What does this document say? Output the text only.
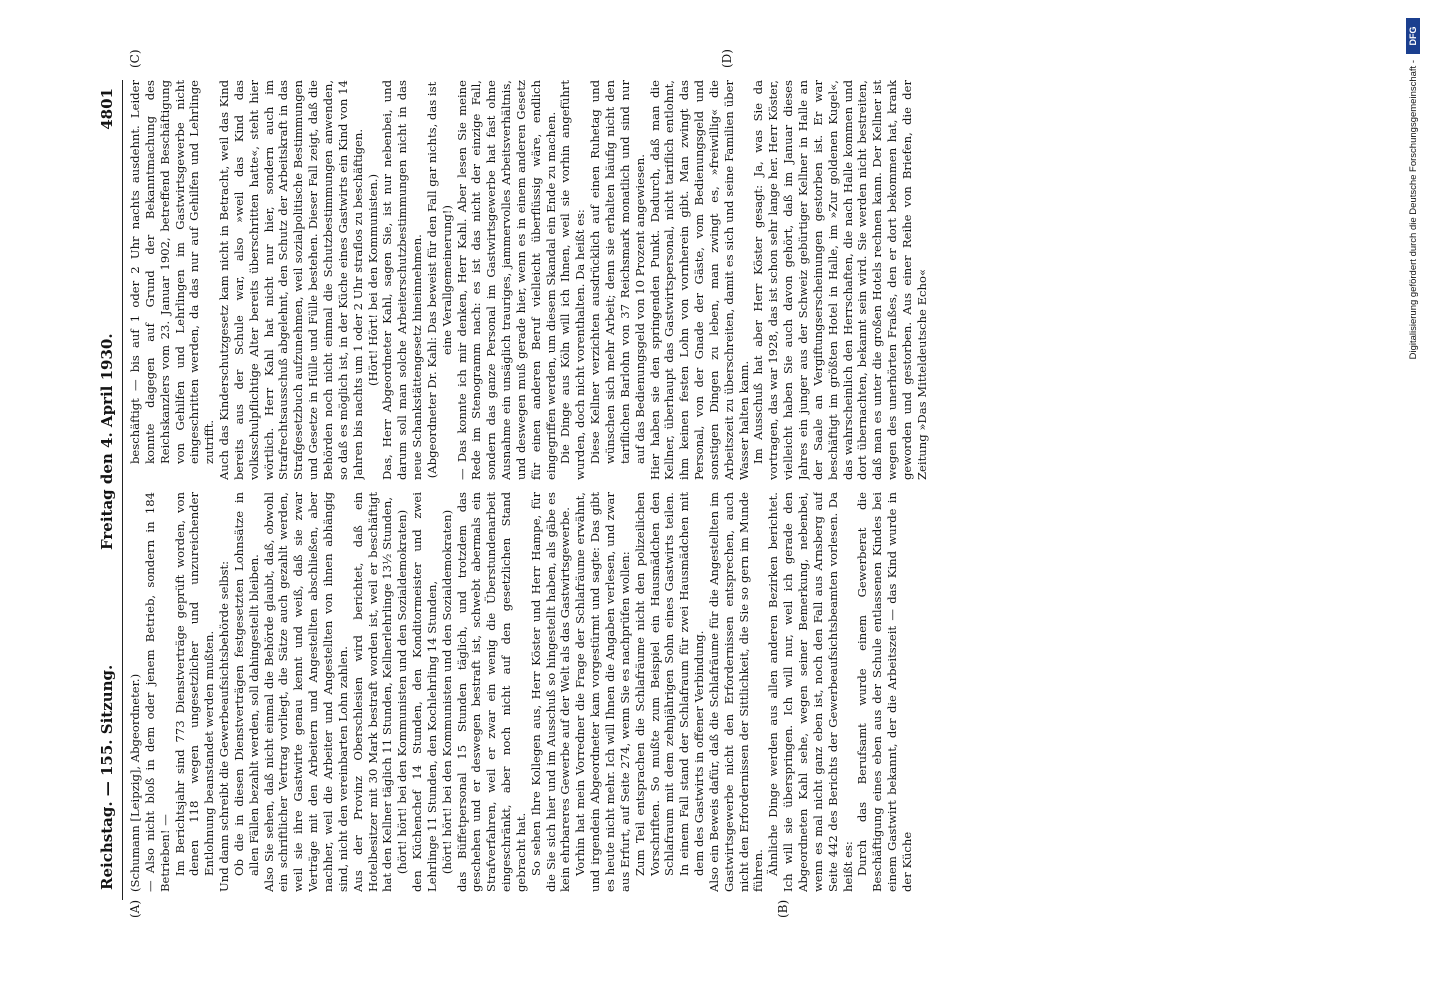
Reichstag. — 155. Sitzung.
Freitag den 4. April 1930.
4801
(A)	(B)
(C)	(D)

(Schumann [Leipzig], Abgeordneter.) — Also nicht bloß in dem oder jenem Betrieb, sondern in 184 Betrieben! — Im Berichtsjahr sind 773 Dienstverträge geprüft worden, von denen 118 wegen ungesetzlicher und unzureichender Entlohnung beanstandet werden mußten. Und dann schreibt die Gewerbeaufsichtsbehörde selbst: Ob die in diesen Dienstverträgen festgesetzten Lohnsätze in allen Fällen bezahlt werden, soll dahingestellt bleiben. Also Sie sehen, daß nicht einmal die Behörde glaubt, daß, obwohl ein schriftlicher Vertrag vorliegt, die Sätze auch gezahlt werden, weil sie ihre Gastwirte genau kennt und weiß, daß sie zwar Verträge mit den Arbeitern und Angestellten abschließen, aber nachher, weil die Arbeiter und Angestellten von ihnen abhängig sind, nicht den vereinbarten Lohn zahlen. Aus der Provinz Oberschlesien wird berichtet, daß ein Hotelbesitzer mit 30 Mark bestraft worden ist, weil er beschäftigt hat den Kellner täglich 11 Stunden, Kellnerlehrlinge 13½ Stunden, (hört! hört! bei den Kommunisten und den Sozialdemokraten) den Küchenchef 14 Stunden, den Konditormeister und zwei Lehrlinge 11 Stunden, den Kochlehrling 14 Stunden, (hört! hört! bei den Kommunisten und den Sozialdemokraten) das Büffetpersonal 15 Stunden täglich, und trotzdem das geschehen und er deswegen bestraft ist, schwebt abermals ein Strafverfahren, weil er zwar ein wenig die Überstundenarbeit eingeschränkt, aber noch nicht auf den gesetzlichen Stand gebracht hat. So sehen Ihre Kollegen aus, Herr Köster und Herr Hampe, für die Sie sich hier und im Ausschuß so hingestellt haben, als gäbe es kein ehrbareres Gewerbe auf der Welt als das Gastwirtsgewerbe. Vorhin hat mein Vorredner die Frage der Schlafräume erwähnt, und irgendein Abgeordneter kam vorgestürmt und sagte: Das gibt es heute nicht mehr. Ich will Ihnen die Angaben verlesen, und zwar aus Erfurt, auf Seite 274, wenn Sie es nachprüfen wollen: Zum Teil entsprachen die Schlafräume nicht den polizeilichen Vorschriften. So mußte zum Beispiel ein Hausmädchen den Schlafraum mit dem zehnjährigen Sohn eines Gastwirts teilen. In einem Fall stand der Schlafraum für zwei Hausmädchen mit dem des Gastwirts in offener Verbindung. Also ein Beweis dafür, daß die Schlafräume für die Angestellten im Gastwirtsgewerbe nicht den Erfordernissen entsprechen, auch nicht den Erfordernissen der Sittlichkeit, die Sie so gern im Munde führen. Ähnliche Dinge werden aus allen anderen Bezirken berichtet. Ich will sie überspringen. Ich will nur, weil ich gerade den Abgeordneten Kahl sehe, wegen seiner Bemerkung, nebenbei, wenn es mal nicht ganz eben ist, noch den Fall aus Arnsberg auf Seite 442 des Berichts der Gewerbeaufsichtsbeamten vorlesen. Da heißt es: Durch das Berufsamt wurde einem Gewerberat die Beschäftigung eines eben aus der Schule entlassenen Kindes bei einem Gastwirt bekannt, der die Arbeitszeit — das Kind wurde in der Küche

beschäftigt — bis auf 1 oder 2 Uhr nachts ausdehnt. Leider konnte dagegen auf Grund der Bekanntmachung des Reichskanzlers vom 23. Januar 1902, betreffend Beschäftigung von Gehilfen und Lehrlingen im Gastwirtsgewerbe nicht eingeschritten werden, da das nur auf Gehilfen und Lehrlinge zutrifft. Auch das Kinderschutzgesetz kam nicht in Betracht, weil das Kind bereits aus der Schule war, also »weil das Kind das volksschulpflichtige Alter bereits überschritten hatte«, steht hier wörtlich. Herr Kahl hat nicht nur hier, sondern auch im Strafrechtsausschuß abgelehnt, den Schutz der Arbeitskraft in das Strafgesetzbuch aufzunehmen, weil sozialpolitische Bestimmungen und Gesetze in Hülle und Fülle bestehen. Dieser Fall zeigt, daß die Behörden noch nicht einmal die Schutzbestimmungen anwenden, so daß es möglich ist, in der Küche eines Gastwirts ein Kind von 14 Jahren bis nachts um 1 oder 2 Uhr straflos zu beschäftigen. (Hört! Hört! bei den Kommunisten.) Das, Herr Abgeordneter Kahl, sagen Sie, ist nur nebenbei, und darum soll man solche Arbeiterschutzbestimmungen nicht in das neue Schankstättengesetz hineinnehmen. (Abgeordneter Dr. Kahl: Das beweist für den Fall gar nichts, das ist eine Verallgemeinerung!) — Das konnte ich mir denken, Herr Kahl. Aber lesen Sie meine Rede im Stenogramm nach: es ist das nicht der einzige Fall, sondern das ganze Personal im Gastwirtsgewerbe hat fast ohne Ausnahme ein unsäglich trauriges, jammervolles Arbeitsverhältnis, und deswegen muß gerade hier, wenn es in einem anderen Gesetz für einen anderen Beruf vielleicht überflüssig wäre, endlich eingegriffen werden, um diesem Skandal ein Ende zu machen. Die Dinge aus Köln will ich Ihnen, weil sie vorhin angeführt wurden, doch nicht vorenthalten. Da heißt es: Diese Kellner verzichten ausdrücklich auf einen Ruhetag und wünschen sich mehr Arbeit; denn sie erhalten häufig nicht den tariflichen Barlohn von 37 Reichsmark monatlich und sind nur auf das Bedienungsgeld von 10 Prozent angewiesen. Hier haben sie den springenden Punkt. Dadurch, daß man die Kellner, überhaupt das Gastwirtspersonal, nicht tariflich entlohnt, ihm keinen festen Lohn von vornherein gibt. Man zwingt das Personal, von der Gnade der Gäste, vom Bedienungsgeld und sonstigen Dingen zu leben, man zwingt es, »freiwillig« die Arbeitszeit zu überschreiten, damit es sich und seine Familien über Wasser halten kann. Im Ausschuß hat aber Herr Köster gesagt: Ja, was Sie da vortragen, das war 1928, das ist schon sehr lange her. Herr Köster, vielleicht haben Sie auch davon gehört, daß im Januar dieses Jahres ein junger aus der Schweiz gebürtiger Kellner in Halle an der Saale an Vergiftungserscheinungen gestorben ist. Er war beschäftigt im größten Hotel in Halle, im »Zur goldenen Kugel«, das wahrscheinlich den Herrschaften, die nach Halle kommen und dort übernachten, bekannt sein wird. Sie werden nicht bestreiten, daß man es unter die großen Hotels rechnen kann. Der Kellner ist wegen des unerhörten Fraßes, den er dort bekommen hat, krank geworden und gestorben. Aus einer Reihe von Briefen, die der Zeitung »Das Mitteldeutsche Echo«

Digitalisierung gefördert durch die Deutsche Forschungsgemeinschaft -
DFG
